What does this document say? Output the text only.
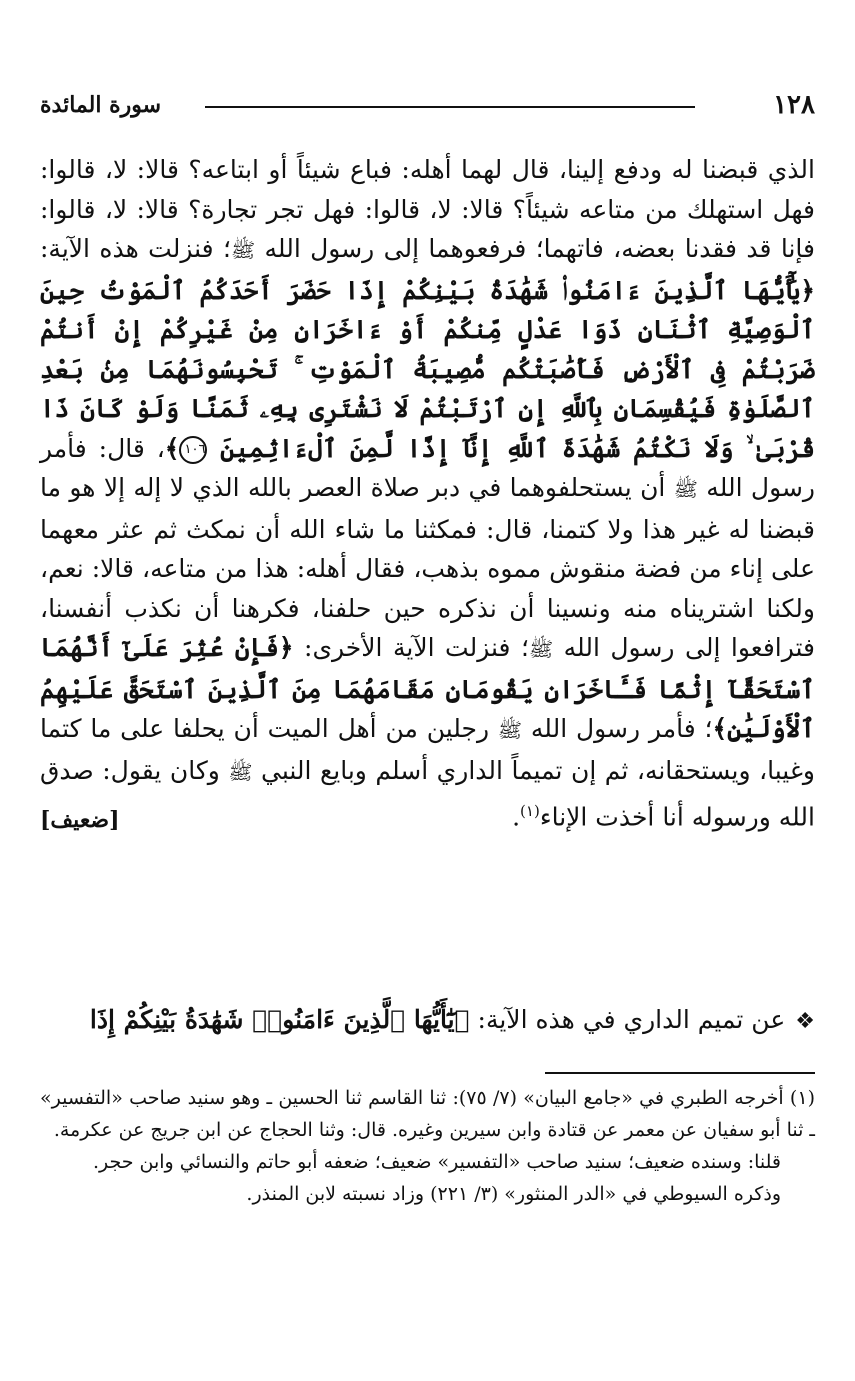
١٢٨
سورة المائدة

الذي قبضنا له ودفع إلينا، قال لهما أهله: فباع شيئاً أو ابتاعه؟ قالا: لا، قالوا: فهل استهلك من متاعه شيئاً؟ قالا: لا، قالوا: فهل تجر تجارة؟ قالا: لا، قالوا: فإنا قد فقدنا بعضه، فاتهما؛ فرفعوهما إلى رسول الله ﷺ؛ فنزلت هذه الآية: ﴿يَٰٓأَيُّهَا ٱلَّذِينَ ءَامَنُوا۟ شَهَٰدَةُ بَيْنِكُمْ إِذَا حَضَرَ أَحَدَكُمُ ٱلْمَوْتُ حِينَ ٱلْوَصِيَّةِ ٱثْنَانِ ذَوَا عَدْلٍ مِّنكُمْ أَوْ ءَاخَرَانِ مِنْ غَيْرِكُمْ إِنْ أَنتُمْ ضَرَبْتُمْ فِى ٱلْأَرْضِ فَأَصَٰبَتْكُم مُّصِيبَةُ ٱلْمَوْتِ ۚ تَحْبِسُونَهُمَا مِنۢ بَعْدِ ٱلصَّلَوٰةِ فَيُقْسِمَانِ بِٱللَّهِ إِنِ ٱرْتَبْتُمْ لَا نَشْتَرِى بِهِۦ ثَمَنًا وَلَوْ كَانَ ذَا قُرْبَىٰ ۙ وَلَا نَكْتُمُ شَهَٰدَةَ ٱللَّهِ إِنَّآ إِذًا لَّمِنَ ٱلْءَاثِمِينَ ١٠٦﴾، قال: فأمر رسول الله ﷺ أن يستحلفوهما في دبر صلاة العصر بالله الذي لا إله إلا هو ما قبضنا له غير هذا ولا كتمنا، قال: فمكثنا ما شاء الله أن نمكث ثم عثر معهما على إناء من فضة منقوش مموه بذهب، فقال أهله: هذا من متاعه، قالا: نعم، ولكنا اشتريناه منه ونسينا أن نذكره حين حلفنا، فكرهنا أن نكذب أنفسنا، فترافعوا إلى رسول الله ﷺ؛ فنزلت الآية الأخرى: ﴿فَإِنْ عُثِرَ عَلَىٰٓ أَنَّهُمَا ٱسْتَحَقَّآ إِثْمًا فَـَٔاخَرَانِ يَقُومَانِ مَقَامَهُمَا مِنَ ٱلَّذِينَ ٱسْتَحَقَّ عَلَيْهِمُ ٱلْأَوْلَيَٰنِ﴾؛ فأمر رسول الله ﷺ رجلين من أهل الميت أن يحلفا على ما كتما وغيبا، ويستحقانه، ثم إن تميماً الداري أسلم وبايع النبي ﷺ وكان يقول: صدق الله ورسوله أنا أخذت الإناء$^{(١)}$.

[ضعيف]
❖عن تميم الداري في هذه الآية: ﴿يَٰٓأَيُّهَا ٱلَّذِينَ ءَامَنُوا۟ شَهَٰدَةُ بَيْنِكُمْ إِذَا

(١) أخرجه الطبري في «جامع البيان» (٧/ ٧٥): ثنا القاسم ثنا الحسين ـ وهو سنيد صاحب «التفسير» ـ ثنا أبو سفيان عن معمر عن قتادة وابن سيرين وغيره. قال: وثنا الحجاج عن ابن جريج عن عكرمة.

قلنا: وسنده ضعيف؛ سنيد صاحب «التفسير» ضعيف؛ ضعفه أبو حاتم والنسائي وابن حجر.

وذكره السيوطي في «الدر المنثور» (٣/ ٢٢١) وزاد نسبته لابن المنذر.
